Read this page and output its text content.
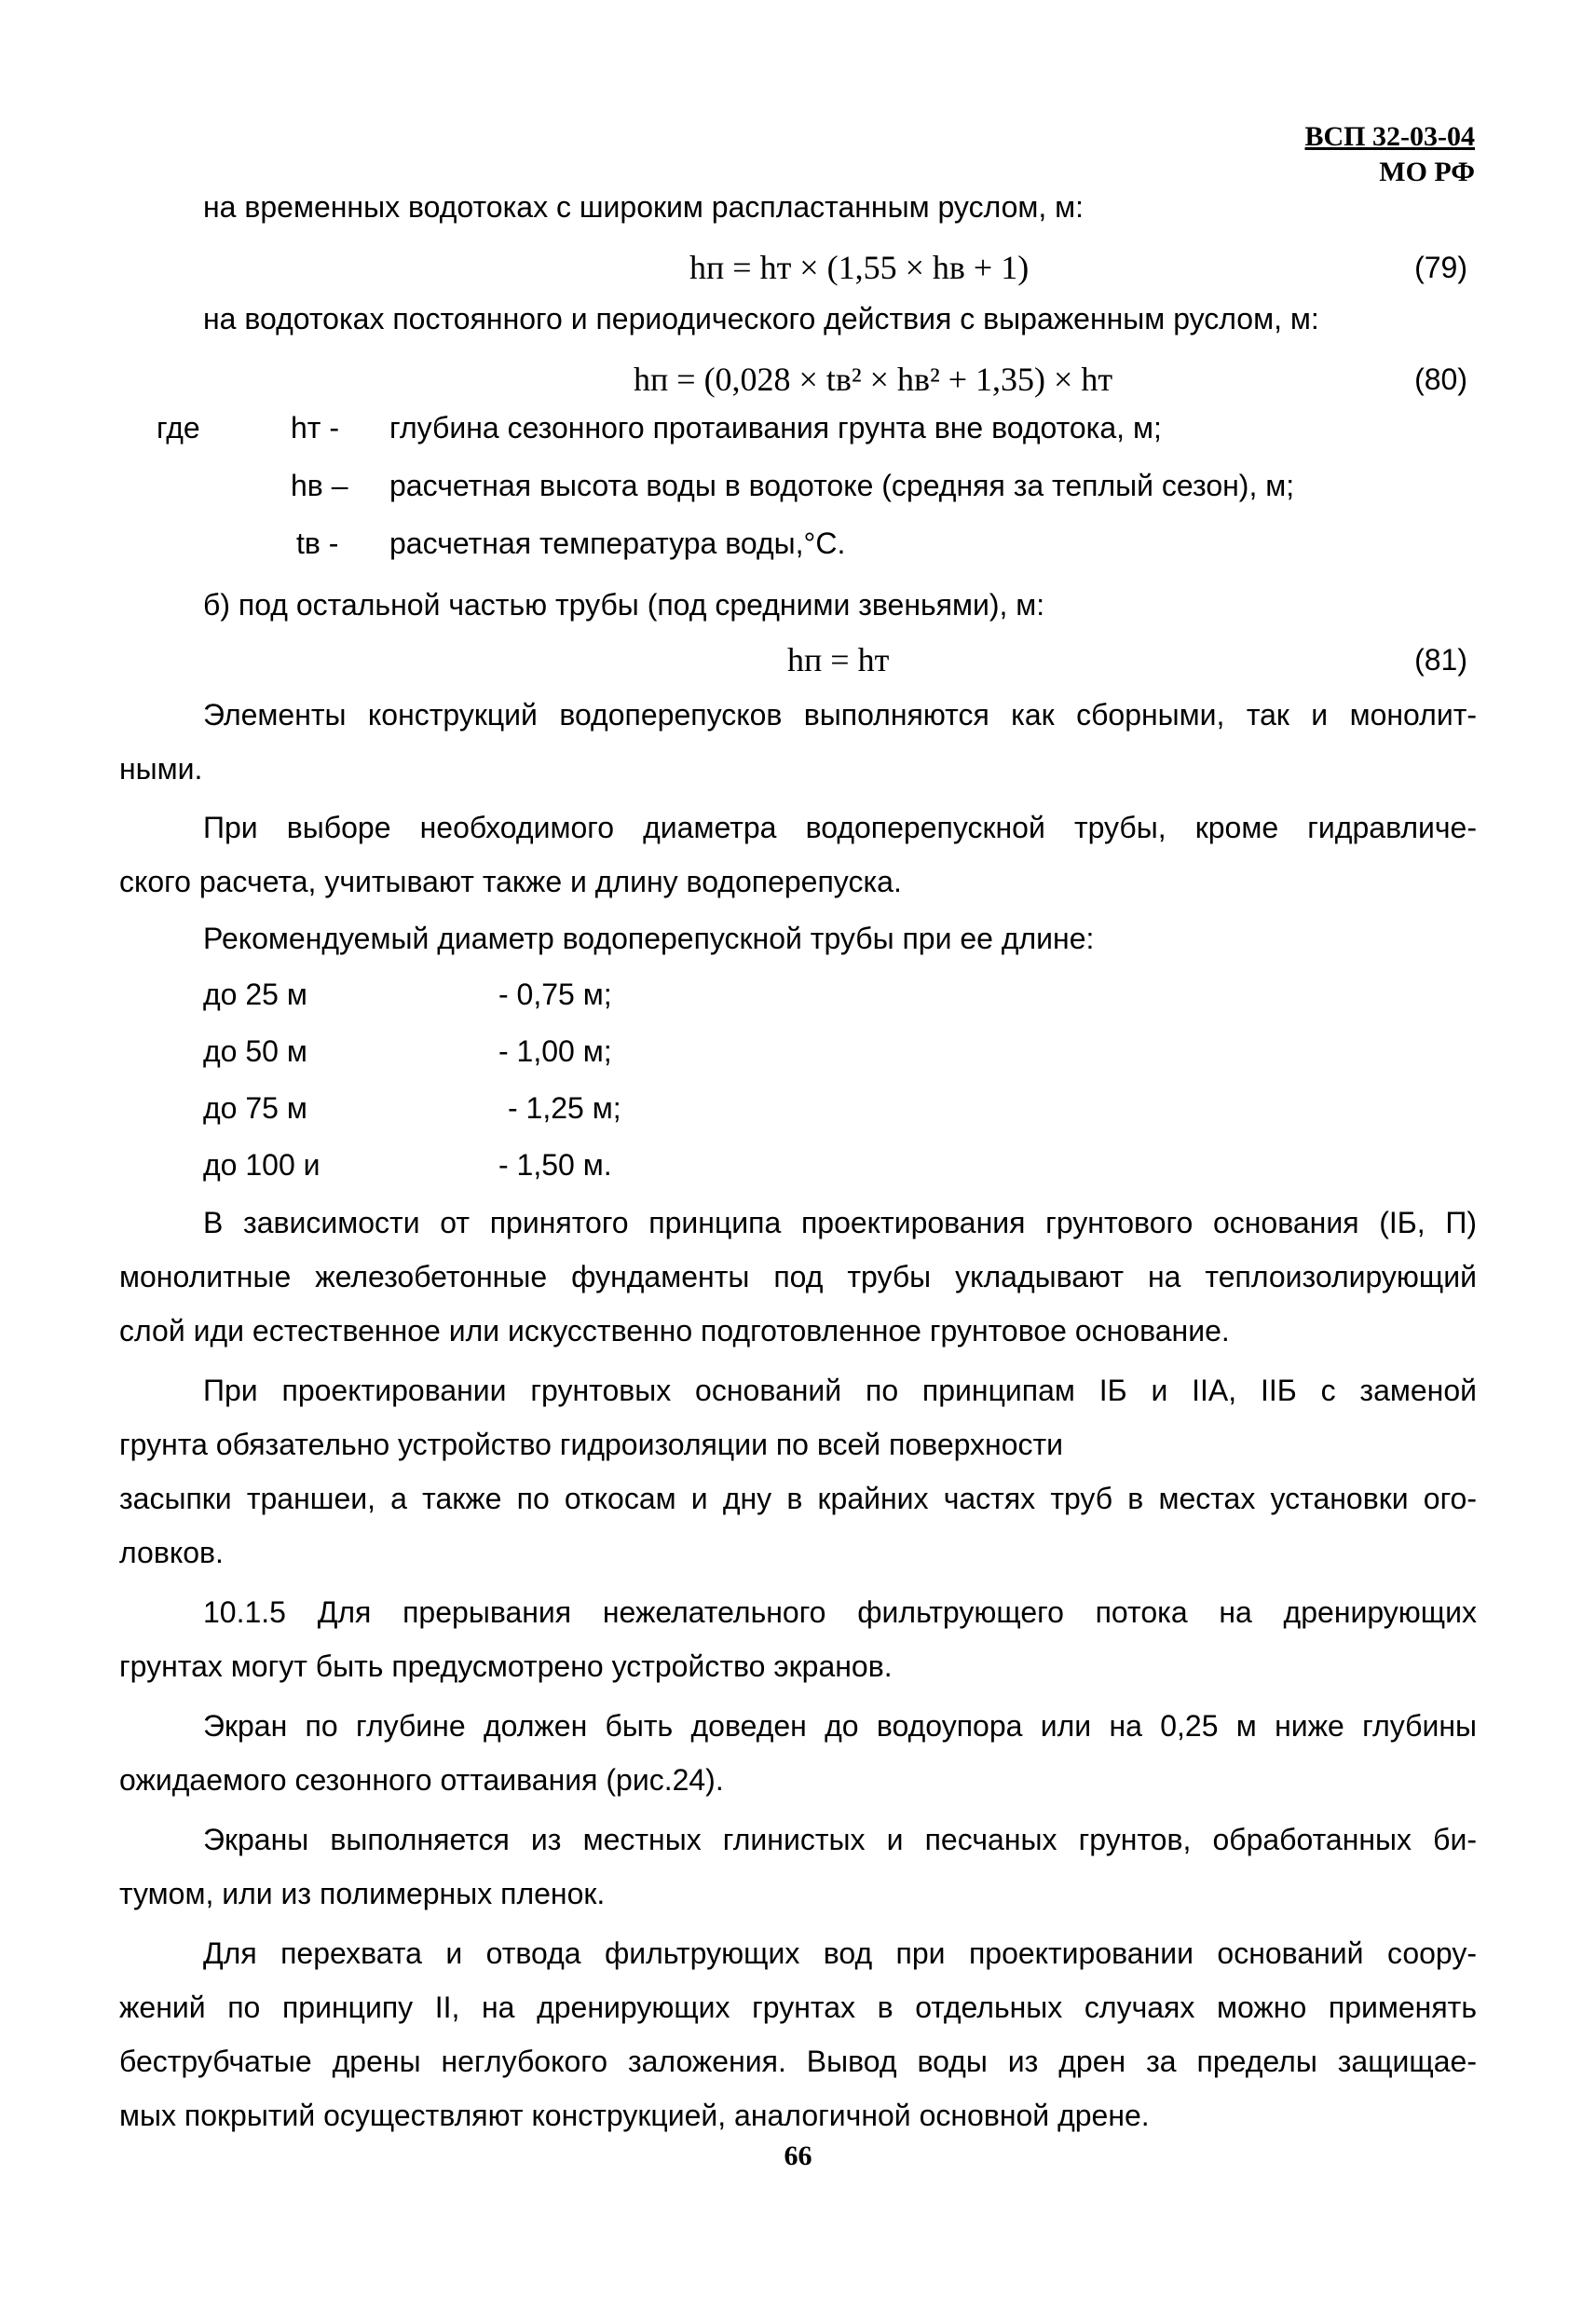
ВСП 32-03-04
МО РФ
на временных водотоках с широким распластанным руслом, м:
hп = hт × (1,55 × hв + 1)	(79)
на водотоках постоянного и периодического действия с выраженным руслом, м:
hп = (0,028 × tв² × hв² + 1,35) × hт	(80)
где	hт - глубина сезонного протаивания грунта вне водотока, м;
hв – расчетная высота воды в водотоке (средняя за теплый сезон), м;
tв - расчетная температура воды,°С.
б) под остальной частью трубы (под средними звеньями), м:
hп = hт	(81)
Элементы конструкций водоперепусков выполняются как сборными, так и монолит-
ными.
При выборе необходимого диаметра водоперепускной трубы, кроме гидравличе-
ского расчета, учитывают также и длину водоперепуска.
Рекомендуемый диаметр водоперепускной трубы при ее длине:
до 25 м	- 0,75 м;
до 50 м	- 1,00 м;
до 75 м	- 1,25 м;
до 100 и	- 1,50 м.
В зависимости от принятого принципа проектирования грунтового основания (IБ, П)
монолитные железобетонные фундаменты под трубы укладывают на теплоизолирующий
слой иди естественное или искусственно подготовленное грунтовое основание.
При проектировании грунтовых оснований по принципам IБ и IIА, IIБ с заменой
грунта обязательно устройство гидроизоляции по всей поверхности
засыпки траншеи, а также по откосам и дну в крайних частях труб в местах установки ого-
ловков.
10.1.5 Для прерывания нежелательного фильтрующего потока на дренирующих
грунтах могут быть предусмотрено устройство экранов.
Экран по глубине должен быть доведен до водоупора или на 0,25 м ниже глубины
ожидаемого сезонного оттаивания (рис.24).
Экраны выполняется из местных глинистых и песчаных грунтов, обработанных би-
тумом, или из полимерных пленок.
Для перехвата и отвода фильтрующих вод при проектировании оснований соору-
жений по принципу II, на дренирующих грунтах в отдельных случаях можно применять
беструбчатые дрены неглубокого заложения. Вывод воды из дрен за пределы защищае-
мых покрытий осуществляют конструкцией, аналогичной основной дрене.
66
